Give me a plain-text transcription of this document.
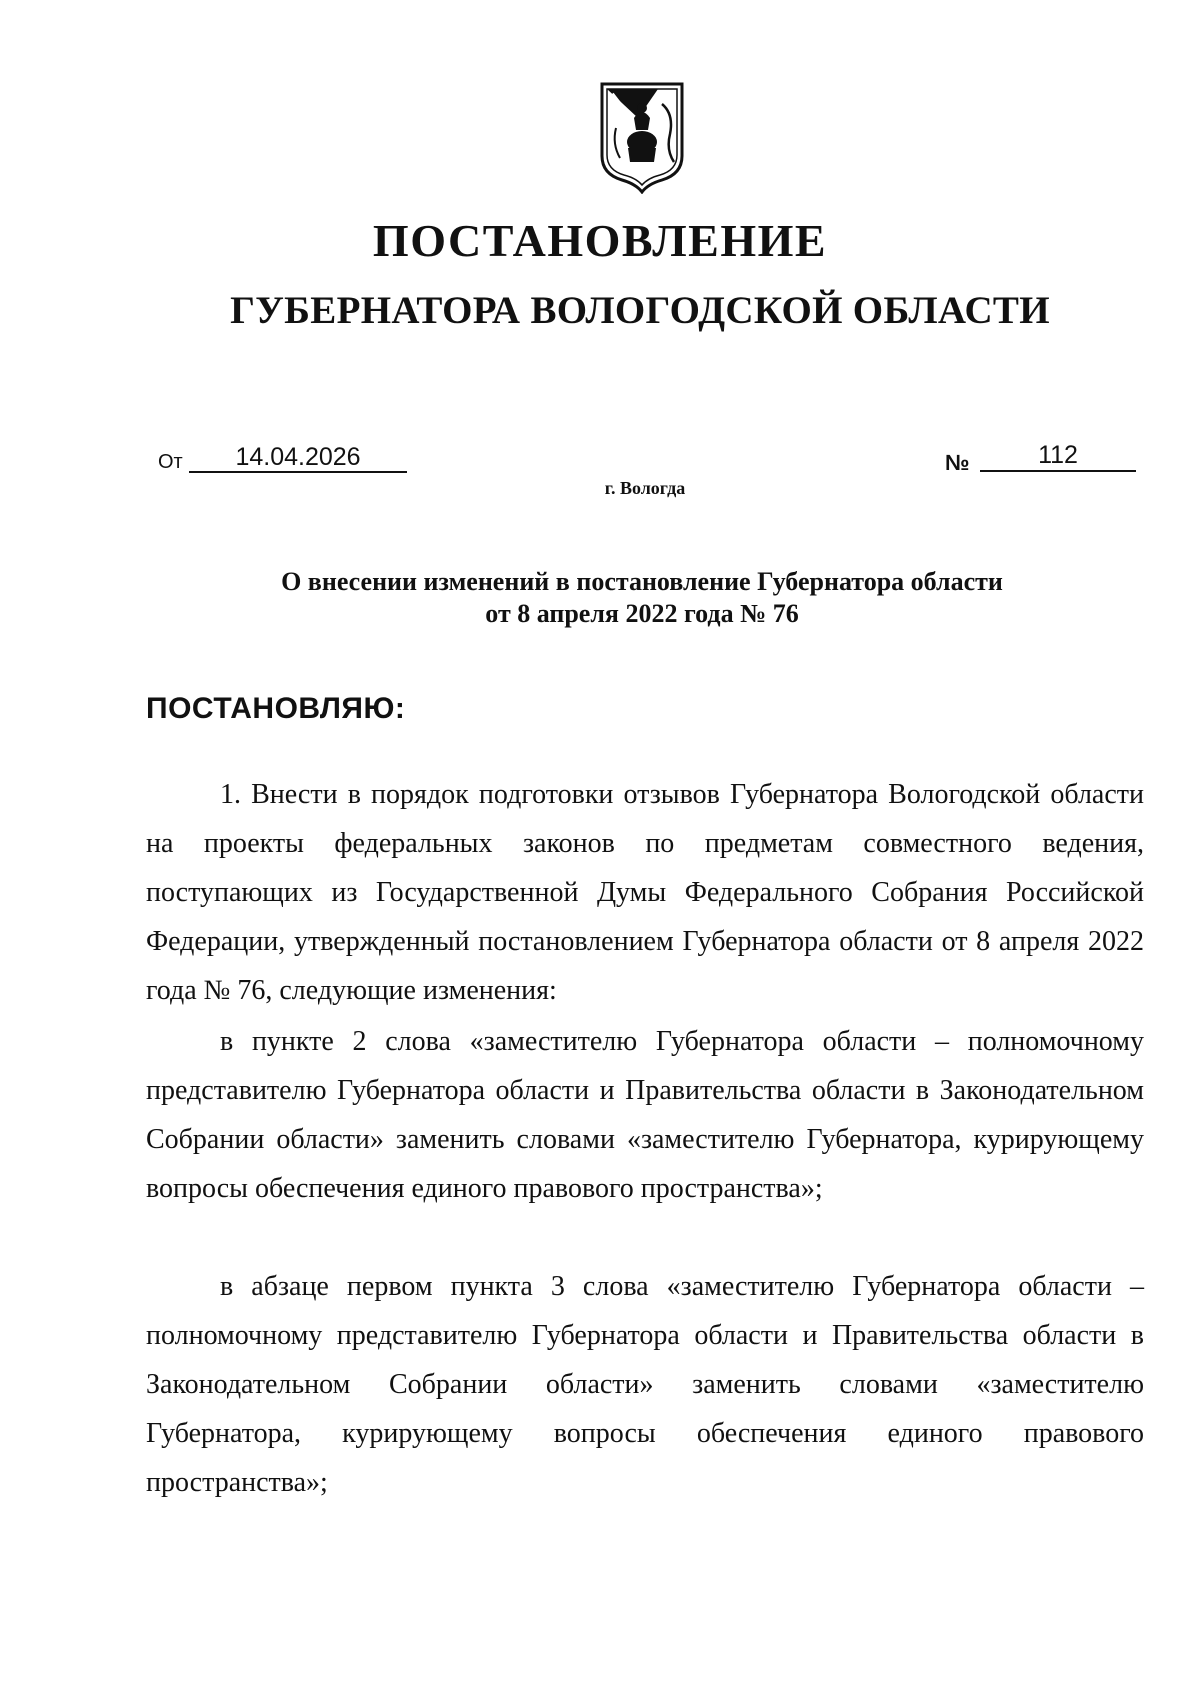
ПОСТАНОВЛЕНИЕ
ГУБЕРНАТОРА ВОЛОГОДСКОЙ ОБЛАСТИ
От	14.04.2026	№	112
г. Вологда
О внесении изменений в постановление Губернатора области
от 8 апреля 2022 года № 76
ПОСТАНОВЛЯЮ:
1. Внести в порядок подготовки отзывов Губернатора Вологодской области на проекты федеральных законов по предметам совместного ведения, поступающих из Государственной Думы Федерального Собрания Российской Федерации, утвержденный постановлением Губернатора области от 8 апреля 2022 года № 76, следующие изменения:
в пункте 2 слова «заместителю Губернатора области – полномочному представителю Губернатора области и Правительства области в Законодательном Собрании области» заменить словами «заместителю Губернатора, курирующему вопросы обеспечения единого правового пространства»;
в абзаце первом пункта 3 слова «заместителю Губернатора области – полномочному представителю Губернатора области и Правительства области в Законодательном Собрании области» заменить словами «заместителю Губернатора, курирующему вопросы обеспечения единого правового пространства»;
